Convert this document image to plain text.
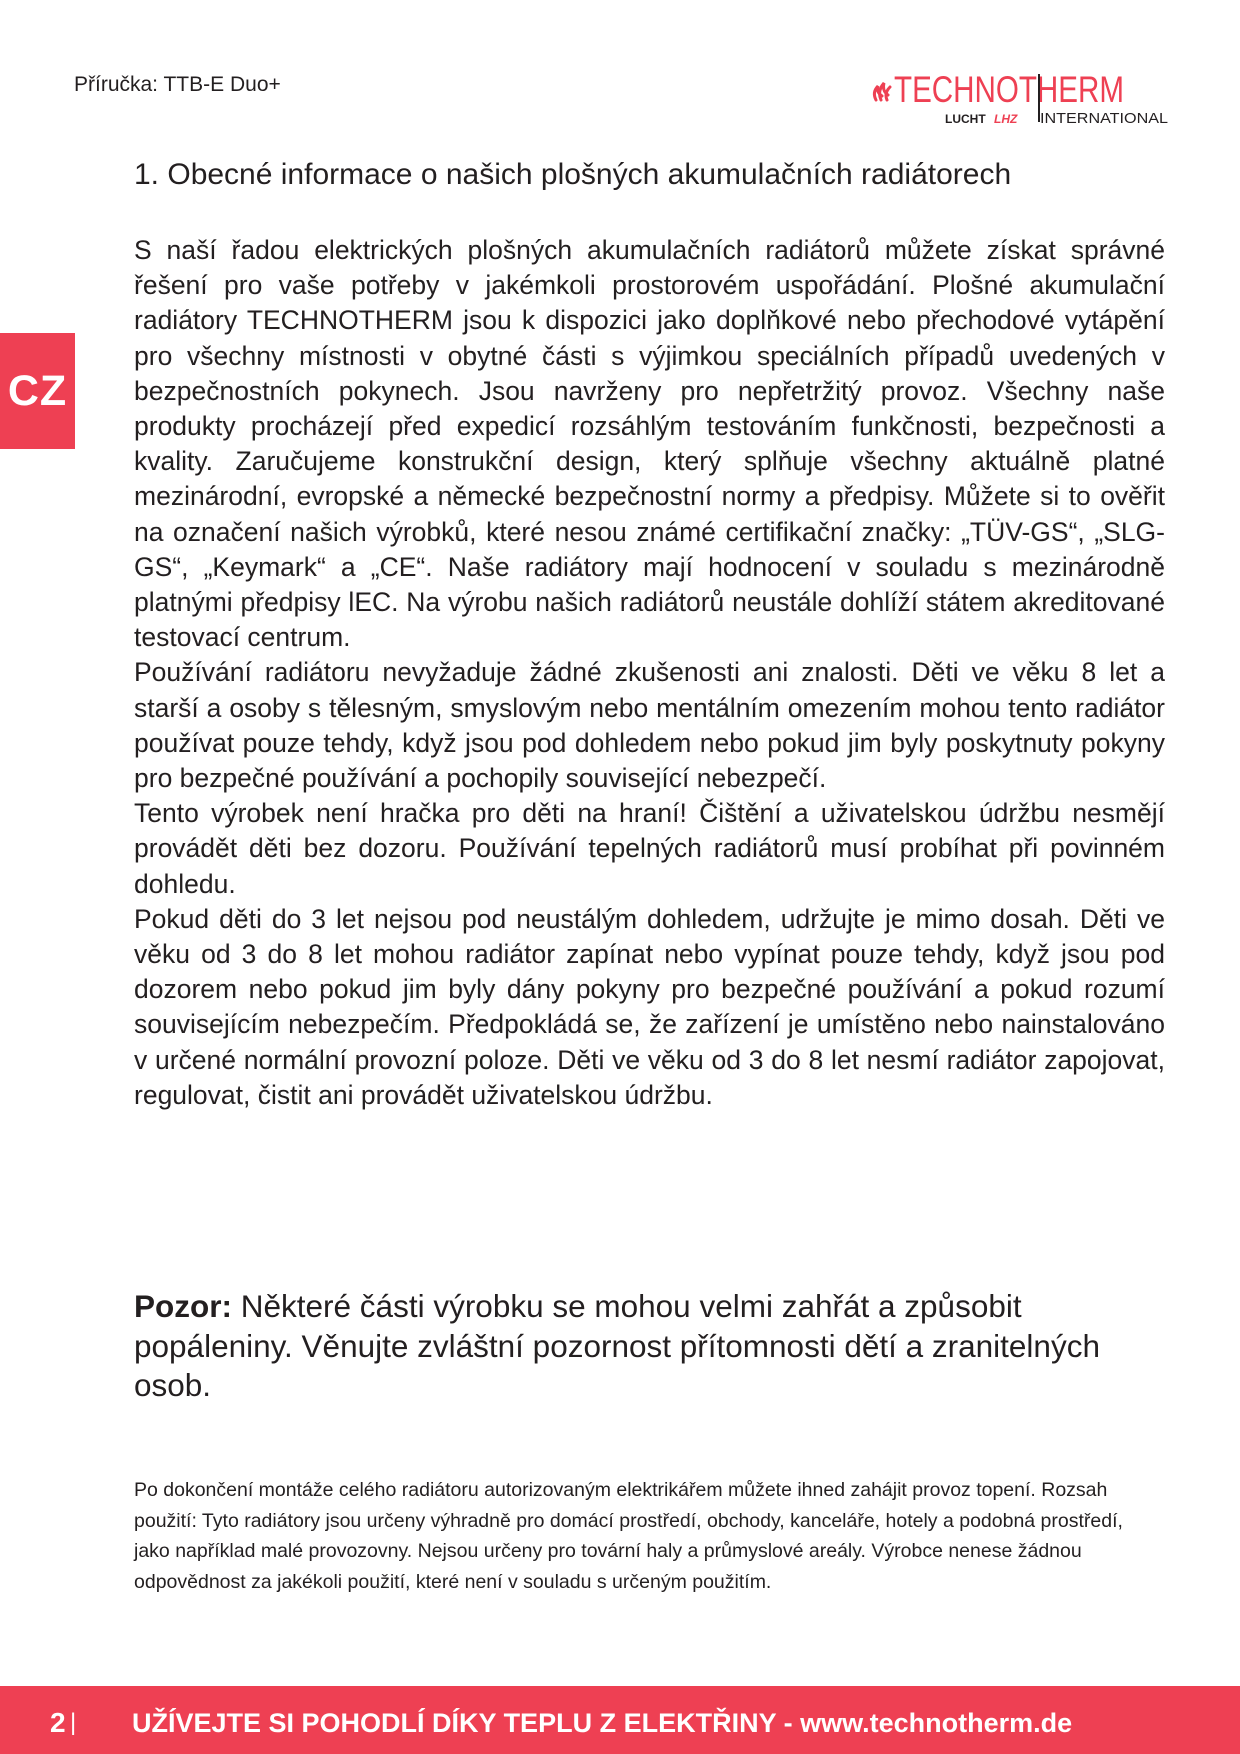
Příručka: TTB-E Duo+	TECHNOTHERM
LUCHT LHZ INTERNATIONAL
CZ
1. Obecné informace o našich plošných akumulačních radiátorech

S naší řadou elektrických plošných akumulačních radiátorů můžete získat správné řešení pro vaše potřeby v jakémkoli prostorovém uspořádání. Plošné akumulační radiátory TECHNOTHERM jsou k dispozici jako doplňkové nebo přechodové vytápění pro všechny místnosti v obytné části s výjimkou speciálních případů uvedených v bezpečnostních pokynech. Jsou navrženy pro nepřetržitý provoz. Všechny naše produkty procházejí před expedicí rozsáhlým testováním funkčnosti, bezpečnosti a kvality. Zaručujeme konstrukční design, který splňuje všechny aktuálně platné mezinárodní, evropské a německé bezpečnostní normy a předpisy. Můžete si to ověřit na označení našich výrobků, které nesou známé certifikační značky: „TÜV-GS“, „SLG-GS“, „Keymark“ a „CE“. Naše radiátory mají hodnocení v souladu s mezinárodně platnými předpisy lEC. Na výrobu našich radiátorů neustále dohlíží státem akreditované testovací centrum.

Používání radiátoru nevyžaduje žádné zkušenosti ani znalosti. Děti ve věku 8 let a starší a osoby s tělesným, smyslovým nebo mentálním omezením mohou tento radiátor používat pouze tehdy, když jsou pod dohledem nebo pokud jim byly poskytnuty pokyny pro bezpečné používání a pochopily související nebezpečí.

Tento výrobek není hračka pro děti na hraní! Čištění a uživatelskou údržbu nesmějí provádět děti bez dozoru. Používání tepelných radiátorů musí probíhat při povinném dohledu.

Pokud děti do 3 let nejsou pod neustálým dohledem, udržujte je mimo dosah. Děti ve věku od 3 do 8 let mohou radiátor zapínat nebo vypínat pouze tehdy, když jsou pod dozorem nebo pokud jim byly dány pokyny pro bezpečné používání a pokud rozumí souvisejícím nebezpečím. Předpokládá se, že zařízení je umístěno nebo nainstalováno v určené normální provozní poloze. Děti ve věku od 3 do 8 let nesmí radiátor zapojovat, regulovat, čistit ani provádět uživatelskou údržbu.

Pozor: Některé části výrobku se mohou velmi zahřát a způsobit popáleniny. Věnujte zvláštní pozornost přítomnosti dětí a zranitelných osob.

Po dokončení montáže celého radiátoru autorizovaným elektrikářem můžete ihned zahájit provoz topení. Rozsah použití: Tyto radiátory jsou určeny výhradně pro domácí prostředí, obchody, kanceláře, hotely a podobná prostředí, jako například malé provozovny. Nejsou určeny pro tovární haly a průmyslové areály. Výrobce nenese žádnou odpovědnost za jakékoli použití, které není v souladu s určeným použitím.

2 | UŽÍVEJTE SI POHODLÍ DÍKY TEPLU Z ELEKTŘINY - www.technotherm.de
